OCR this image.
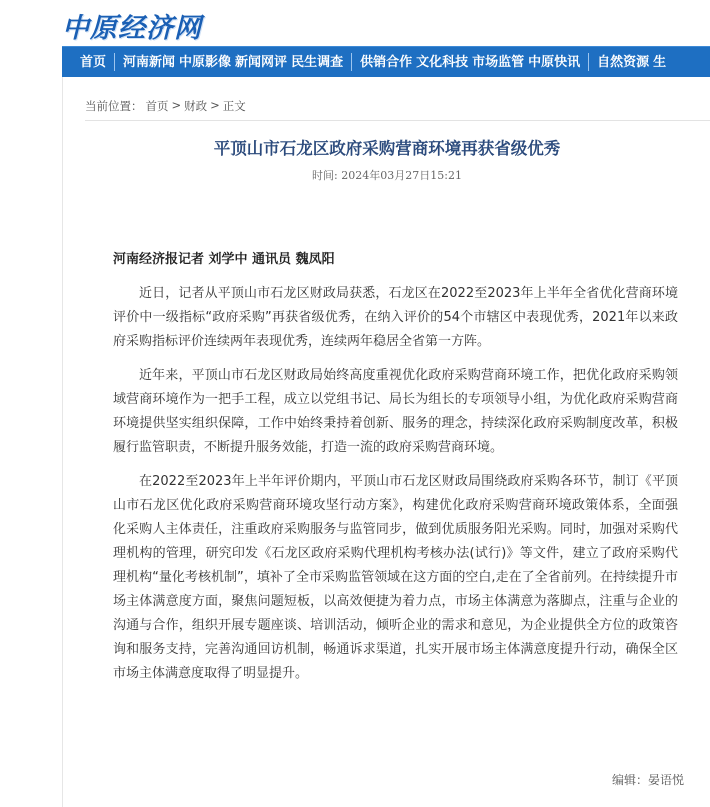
中原经济网
首页 河南新闻 中原影像 新闻网评 民生调查 供销合作 文化科技 市场监管 中原快讯 自然资源 生
当前位置： 首页 > 财政 > 正文
平顶山市石龙区政府采购营商环境再获省级优秀
时间: 2024年03月27日15:21

河南经济报记者 刘学中 通讯员 魏凤阳

近日，记者从平顶山市石龙区财政局获悉，石龙区在2022至2023年上半年全省优化营商环境评价中一级指标“政府采购”再获省级优秀，在纳入评价的54个市辖区中表现优秀，2021年以来政府采购指标评价连续两年表现优秀，连续两年稳居全省第一方阵。

近年来，平顶山市石龙区财政局始终高度重视优化政府采购营商环境工作，把优化政府采购领域营商环境作为一把手工程，成立以党组书记、局长为组长的专项领导小组，为优化政府采购营商环境提供坚实组织保障，工作中始终秉持着创新、服务的理念，持续深化政府采购制度改革，积极履行监管职责，不断提升服务效能，打造一流的政府采购营商环境。

在2022至2023年上半年评价期内，平顶山市石龙区财政局围绕政府采购各环节，制订《平顶山市石龙区优化政府采购营商环境攻坚行动方案》，构建优化政府采购营商环境政策体系，全面强化采购人主体责任，注重政府采购服务与监管同步，做到优质服务阳光采购。同时，加强对采购代理机构的管理，研究印发《石龙区政府采购代理机构考核办法(试行)》等文件，建立了政府采购代理机构“量化考核机制”，填补了全市采购监管领域在这方面的空白,走在了全省前列。在持续提升市场主体满意度方面，聚焦问题短板，以高效便捷为着力点，市场主体满意为落脚点，注重与企业的沟通与合作，组织开展专题座谈、培训活动，倾听企业的需求和意见，为企业提供全方位的政策咨询和服务支持，完善沟通回访机制，畅通诉求渠道，扎实开展市场主体满意度提升行动，确保全区市场主体满意度取得了明显提升。

编辑：晏语悦
